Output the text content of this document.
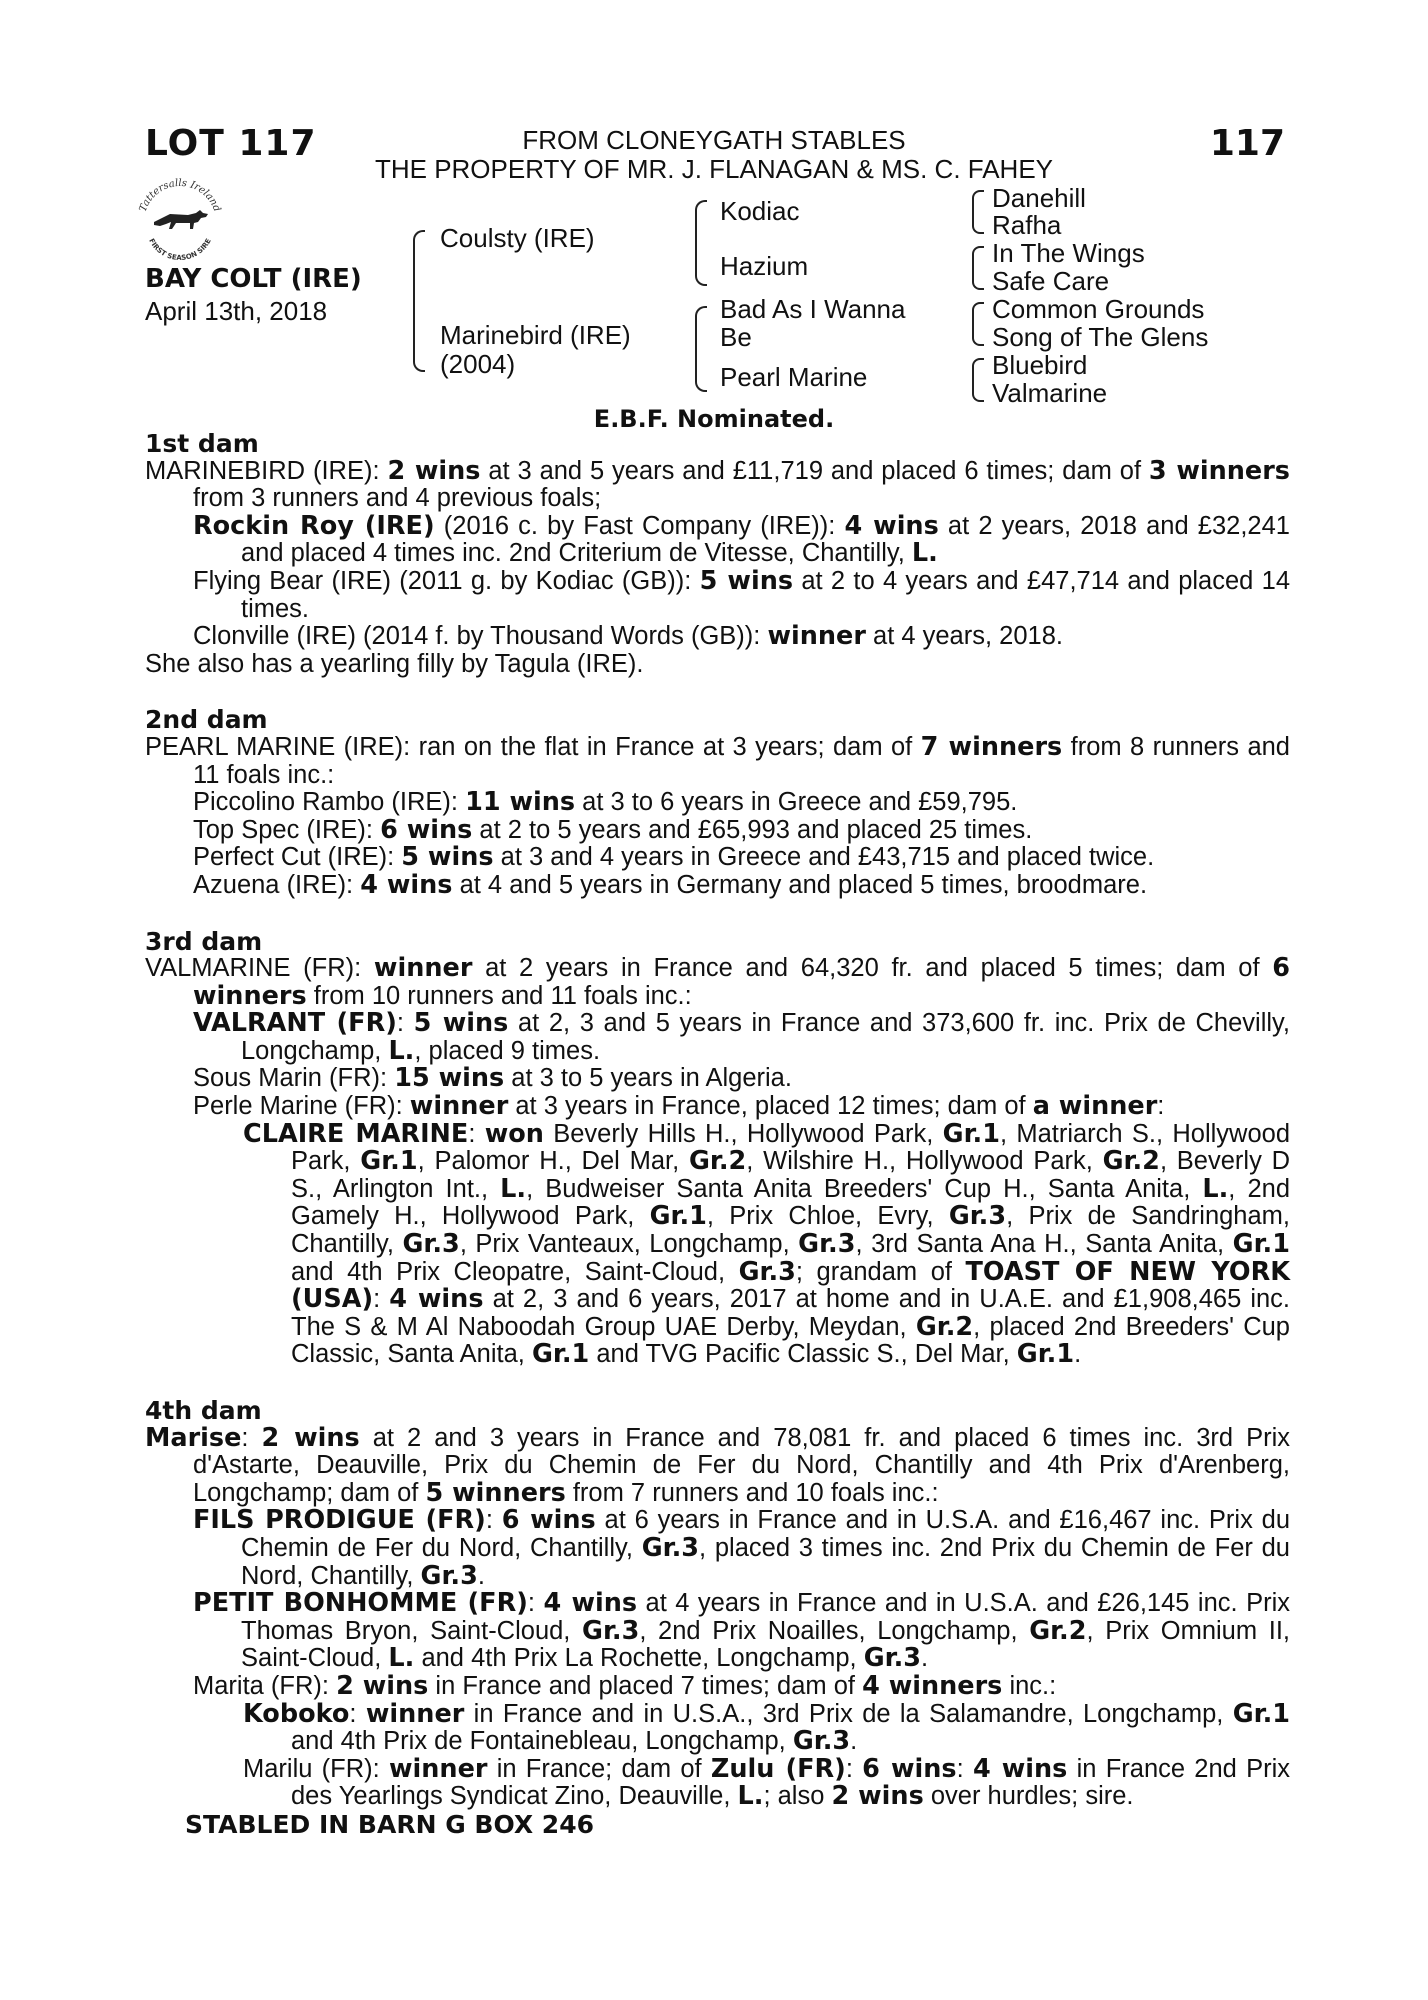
LOT 117	117
FROM CLONEYGATH STABLES
THE PROPERTY OF MR. J. FLANAGAN & MS. C. FAHEY
Tattersalls Ireland
FIRST SEASON SIRE
BAY COLT (IRE)
April 13th, 2018
Coulsty (IRE)
Marinebird (IRE)
(2004)
Kodiac
Hazium
Bad As I Wanna
Be
Pearl Marine
Danehill
Rafha
In The Wings
Safe Care
Common Grounds
Song of The Glens
Bluebird
Valmarine
E.B.F. Nominated.

1st dam

MARINEBIRD (IRE): 2 wins at 3 and 5 years and £11,719 and placed 6 times; dam of 3 winners from 3 runners and 4 previous foals;

Rockin Roy (IRE) (2016 c. by Fast Company (IRE)): 4 wins at 2 years, 2018 and £32,241 and placed 4 times inc. 2nd Criterium de Vitesse, Chantilly, L.

Flying Bear (IRE) (2011 g. by Kodiac (GB)): 5 wins at 2 to 4 years and £47,714 and placed 14 times.

Clonville (IRE) (2014 f. by Thousand Words (GB)): winner at 4 years, 2018.

She also has a yearling filly by Tagula (IRE).

2nd dam

PEARL MARINE (IRE): ran on the flat in France at 3 years; dam of 7 winners from 8 runners and 11 foals inc.:

Piccolino Rambo (IRE): 11 wins at 3 to 6 years in Greece and £59,795.

Top Spec (IRE): 6 wins at 2 to 5 years and £65,993 and placed 25 times.

Perfect Cut (IRE): 5 wins at 3 and 4 years in Greece and £43,715 and placed twice.

Azuena (IRE): 4 wins at 4 and 5 years in Germany and placed 5 times, broodmare.

3rd dam

VALMARINE (FR): winner at 2 years in France and 64,320 fr. and placed 5 times; dam of 6 winners from 10 runners and 11 foals inc.:

VALRANT (FR): 5 wins at 2, 3 and 5 years in France and 373,600 fr. inc. Prix de Chevilly, Longchamp, L., placed 9 times.

Sous Marin (FR): 15 wins at 3 to 5 years in Algeria.

Perle Marine (FR): winner at 3 years in France, placed 12 times; dam of a winner:

CLAIRE MARINE: won Beverly Hills H., Hollywood Park, Gr.1, Matriarch S., Hollywood Park, Gr.1, Palomor H., Del Mar, Gr.2, Wilshire H., Hollywood Park, Gr.2, Beverly D S., Arlington Int., L., Budweiser Santa Anita Breeders' Cup H., Santa Anita, L., 2nd Gamely H., Hollywood Park, Gr.1, Prix Chloe, Evry, Gr.3, Prix de Sandringham, Chantilly, Gr.3, Prix Vanteaux, Longchamp, Gr.3, 3rd Santa Ana H., Santa Anita, Gr.1 and 4th Prix Cleopatre, Saint-Cloud, Gr.3; grandam of TOAST OF NEW YORK (USA): 4 wins at 2, 3 and 6 years, 2017 at home and in U.A.E. and £1,908,465 inc. The S & M Al Naboodah Group UAE Derby, Meydan, Gr.2, placed 2nd Breeders' Cup Classic, Santa Anita, Gr.1 and TVG Pacific Classic S., Del Mar, Gr.1.

4th dam

Marise: 2 wins at 2 and 3 years in France and 78,081 fr. and placed 6 times inc. 3rd Prix d'Astarte, Deauville, Prix du Chemin de Fer du Nord, Chantilly and 4th Prix d'Arenberg, Longchamp; dam of 5 winners from 7 runners and 10 foals inc.:

FILS PRODIGUE (FR): 6 wins at 6 years in France and in U.S.A. and £16,467 inc. Prix du Chemin de Fer du Nord, Chantilly, Gr.3, placed 3 times inc. 2nd Prix du Chemin de Fer du Nord, Chantilly, Gr.3.

PETIT BONHOMME (FR): 4 wins at 4 years in France and in U.S.A. and £26,145 inc. Prix Thomas Bryon, Saint-Cloud, Gr.3, 2nd Prix Noailles, Longchamp, Gr.2, Prix Omnium II, Saint-Cloud, L. and 4th Prix La Rochette, Longchamp, Gr.3.

Marita (FR): 2 wins in France and placed 7 times; dam of 4 winners inc.:

Koboko: winner in France and in U.S.A., 3rd Prix de la Salamandre, Longchamp, Gr.1 and 4th Prix de Fontainebleau, Longchamp, Gr.3.

Marilu (FR): winner in France; dam of Zulu (FR): 6 wins: 4 wins in France 2nd Prix des Yearlings Syndicat Zino, Deauville, L.; also 2 wins over hurdles; sire.

STABLED IN BARN G BOX 246
